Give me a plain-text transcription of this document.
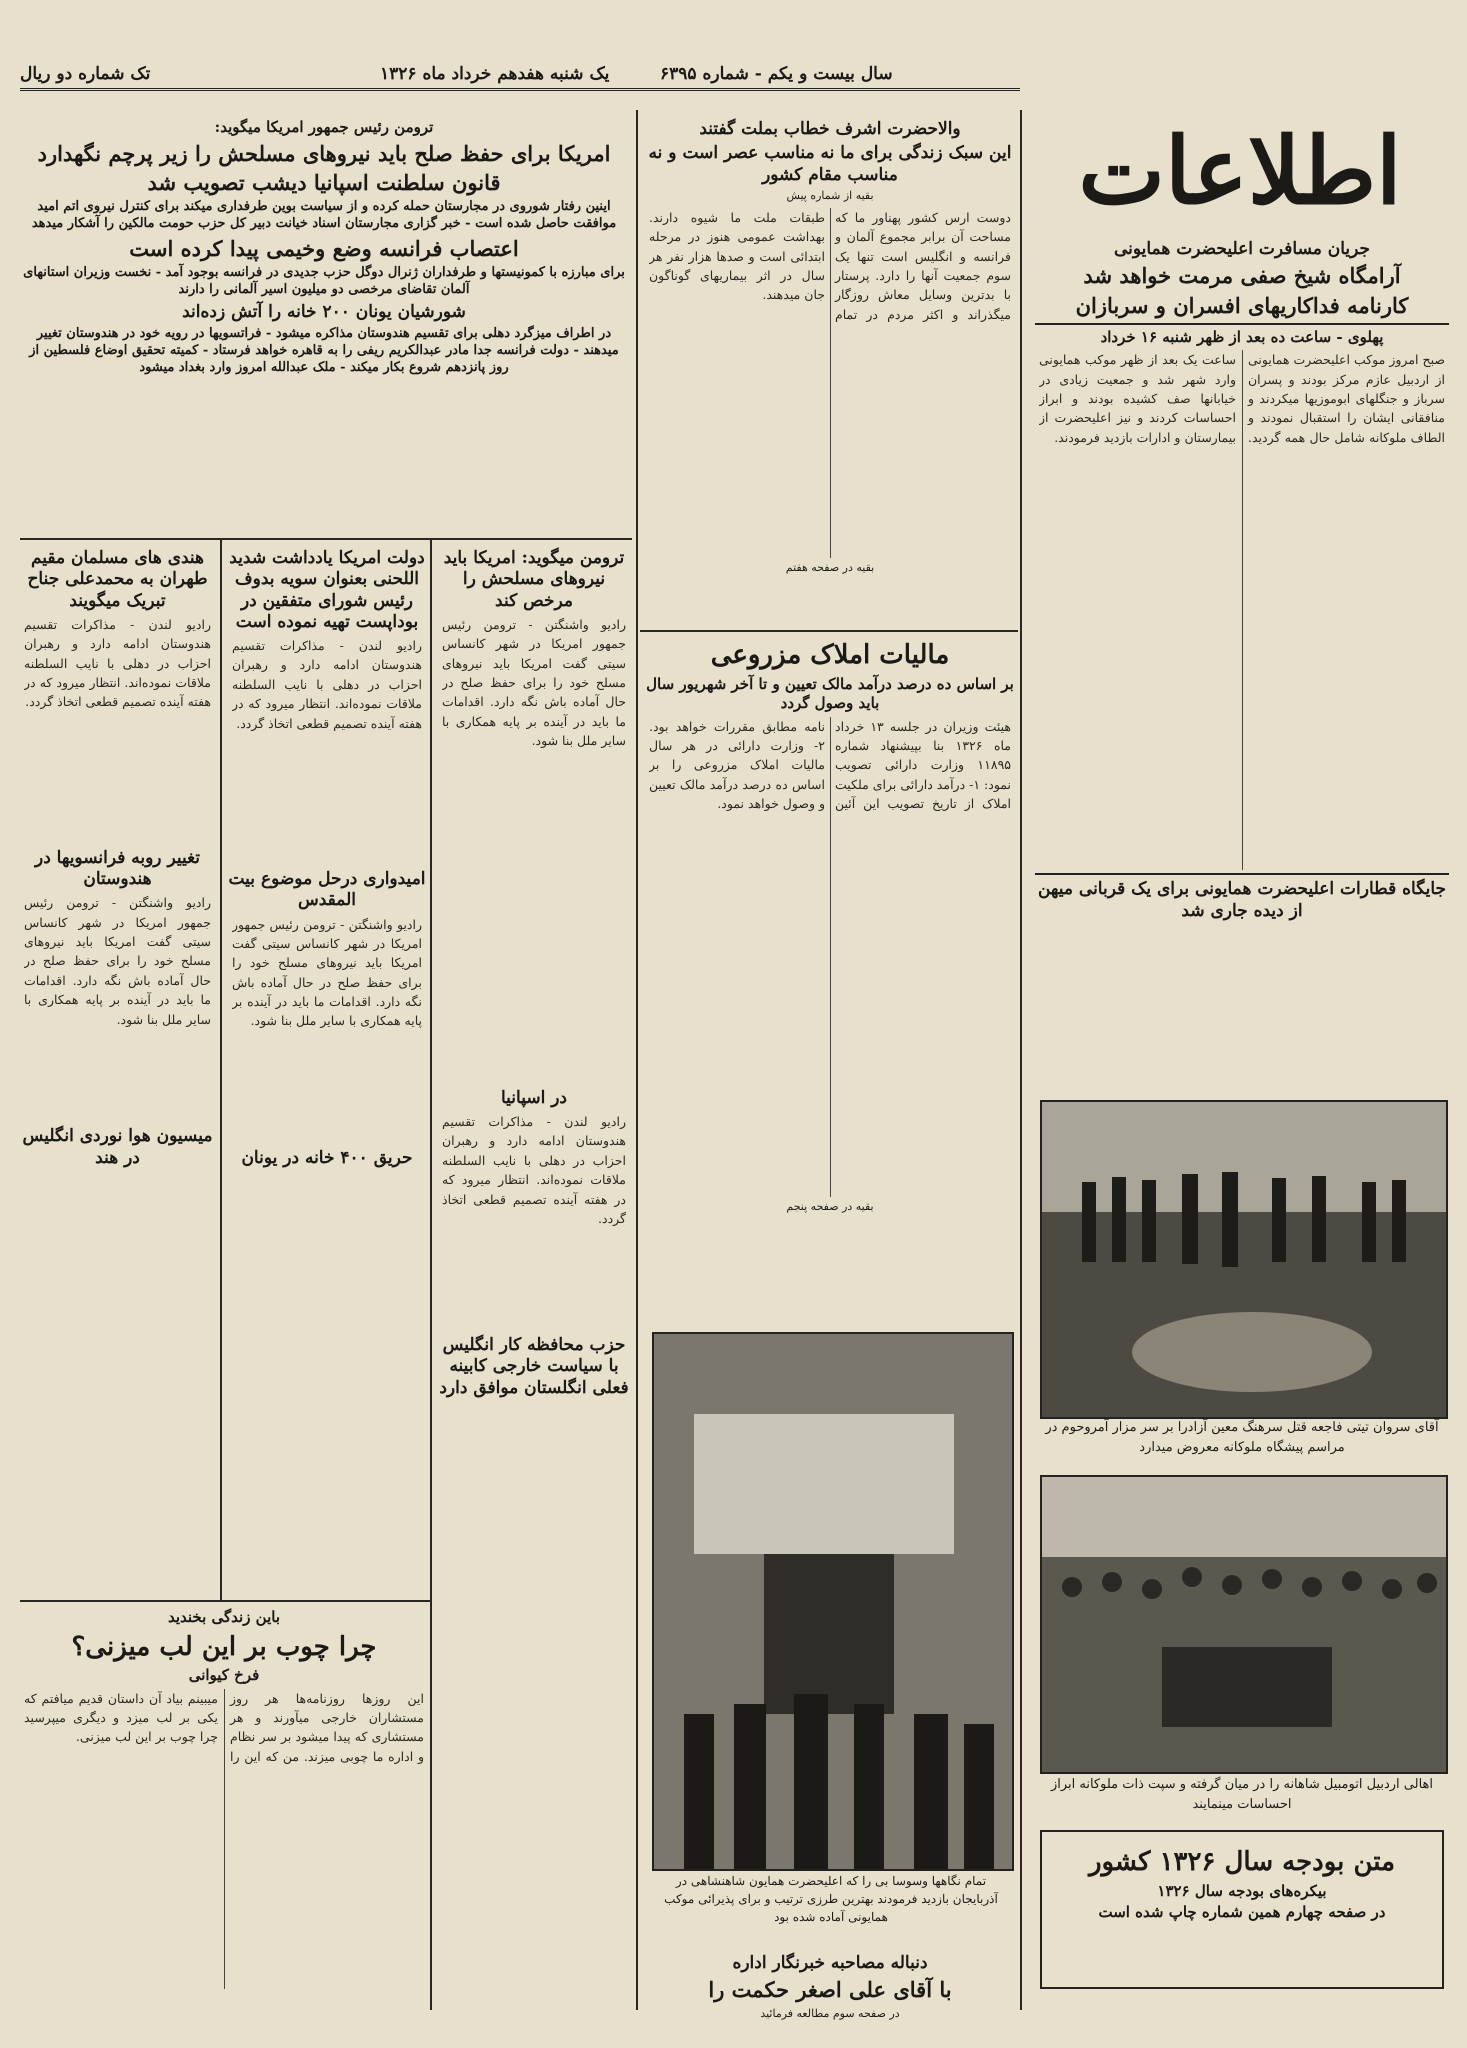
تک شماره دو ریال	یک شنبه هفدهم خرداد ماه ۱۳۲۶	سال بیست و یکم - شماره ۶۳۹۵
اطلاعات
جریان مسافرت اعلیحضرت همایونی
آرامگاه شیخ صفی مرمت خواهد شد
کارنامه فداکاریهای افسران و سربازان
پهلوی - ساعت ده بعد از ظهر شنبه ۱۶ خرداد
صبح امروز موکب اعلیحضرت همایونی از اردبیل عازم مرکز بودند و پسران سرباز و جنگلهای ابوموزیها میکردند و منافقانی ایشان را استقبال نمودند و الطاف ملوکانه شامل حال همه گردید. ساعت یک بعد از ظهر موکب همایونی وارد شهر شد و جمعیت زیادی در خیابانها صف کشیده بودند و ابراز احساسات کردند و نیز اعلیحضرت از بیمارستان و ادارات بازدید فرمودند.
جایگاه قطارات اعلیحضرت همایونی برای یک قربانی میهن از دیده جاری شد
آقای سروان تیتی فاجعه قتل سرهنگ معین آزادرا بر سر مزار آمروحوم در مراسم پیشگاه ملوکانه معروض میدارد
اهالی اردبیل اتومبیل شاهانه را در میان گرفته و سپت ذات ملوکانه ابراز احساسات مینمایند
متن بودجه سال ۱۳۲۶ کشور
بیکره‌های بودجه سال ۱۳۲۶
در صفحه چهارم همین شماره چاپ شده است
والاحضرت اشرف خطاب بملت گفتند
این سبک زندگی برای ما نه مناسب عصر است و نه مناسب مقام کشور
بقیه از شماره پیش
دوست ارس کشور پهناور ما که مساحت آن برابر مجموع آلمان و فرانسه و انگلیس است تنها یک سوم جمعیت آنها را دارد. پرستار با بدترین وسایل معاش روزگار میگذراند و اکثر مردم در تمام طبقات ملت ما شیوه دارند. بهداشت عمومی هنوز در مرحله ابتدائی است و صدها هزار نفر هر سال در اثر بیماریهای گوناگون جان میدهند.
بقیه در صفحه هفتم
مالیات املاک مزروعی
بر اساس ده درصد درآمد مالک تعیین و تا آخر شهریور سال باید وصول گردد
هیئت وزیران در جلسه ۱۳ خرداد ماه ۱۳۲۶ بنا بپیشنهاد شماره ۱۱۸۹۵ وزارت دارائی تصویب نمود: ۱- درآمد دارائی برای ملکیت املاک از تاریخ تصویب این آئین نامه مطابق مقررات خواهد بود. ۲- وزارت دارائی در هر سال مالیات املاک مزروعی را بر اساس ده درصد درآمد مالک تعیین و وصول خواهد نمود.
بقیه در صفحه پنجم
تمام نگاهها وسوسا بی را که اعلیحضرت همایون شاهنشاهی در آذربایجان بازدید فرمودند بهترین طرزی ترتیب و برای پذیرائی موکب همایونی آماده شده بود
دنباله مصاحبه خبرنگار اداره
با آقای علی اصغر حکمت را
در صفحه سوم مطالعه فرمائید
ترومن رئیس جمهور امریکا میگوید:
امریکا برای حفظ صلح باید نیروهای مسلحش را زیر پرچم نگهدارد
قانون سلطنت اسپانیا دیشب تصویب شد
اینین رفتار شوروی در مجارستان حمله کرده و از سیاست بوین طرفداری میکند برای کنترل نیروی اتم امید موافقت حاصل شده است - خبر گزاری مجارستان اسناد خیانت دبیر کل حزب حومت مالکین را آشکار میدهد
اعتصاب فرانسه وضع وخیمی پیدا کرده است
برای مبارزه با کمونیستها و طرفداران ژنرال دوگل حزب جدیدی در فرانسه بوجود آمد - نخست وزیران استانهای آلمان تقاضای مرخصی دو میلیون اسیر آلمانی را دارند
شورشیان یونان ۲۰۰ خانه را آتش زده‌اند
در اطراف میزگرد دهلی برای تقسیم هندوستان مذاکره میشود - فراتسویها در رویه خود در هندوستان تغییر میدهند - دولت فرانسه جدا مادر عبدالکریم ریفی را به قاهره خواهد فرستاد - کمیته تحقیق اوضاع فلسطین از روز پانزدهم شروع بکار میکند - ملک عبدالله امروز وارد بغداد میشود
ترومن میگوید: امریکا باید نیروهای مسلحش را مرخص کند
رادیو واشنگتن - ترومن رئیس جمهور امریکا در شهر کانساس سیتی گفت امریکا باید نیروهای مسلح خود را برای حفظ صلح در حال آماده باش نگه دارد. اقدامات ما باید در آینده بر پایه همکاری با سایر ملل بنا شود.
در اسپانیا
رادیو لندن - مذاکرات تقسیم هندوستان ادامه دارد و رهبران احزاب در دهلی با نایب السلطنه ملاقات نموده‌اند. انتظار میرود که در هفته آینده تصمیم قطعی اتخاذ گردد.
حزب محافظه کار انگلیس با سیاست خارجی کابینه فعلی انگلستان موافق دارد
دولت امریکا یادداشت شدید اللحنی بعنوان سویه بدوف رئیس شورای متفقین در بوداپست تهیه نموده است
رادیو لندن - مذاکرات تقسیم هندوستان ادامه دارد و رهبران احزاب در دهلی با نایب السلطنه ملاقات نموده‌اند. انتظار میرود که در هفته آینده تصمیم قطعی اتخاذ گردد.
امیدواری درحل موضوع بیت المقدس
رادیو واشنگتن - ترومن رئیس جمهور امریکا در شهر کانساس سیتی گفت امریکا باید نیروهای مسلح خود را برای حفظ صلح در حال آماده باش نگه دارد. اقدامات ما باید در آینده بر پایه همکاری با سایر ملل بنا شود.
حریق ۴۰۰ خانه در یونان
هندی های مسلمان مقیم طهران به محمدعلی جناح تبریک میگویند
رادیو لندن - مذاکرات تقسیم هندوستان ادامه دارد و رهبران احزاب در دهلی با نایب السلطنه ملاقات نموده‌اند. انتظار میرود که در هفته آینده تصمیم قطعی اتخاذ گردد.
تغییر روبه فرانسویها در هندوستان
رادیو واشنگتن - ترومن رئیس جمهور امریکا در شهر کانساس سیتی گفت امریکا باید نیروهای مسلح خود را برای حفظ صلح در حال آماده باش نگه دارد. اقدامات ما باید در آینده بر پایه همکاری با سایر ملل بنا شود.
میسیون هوا نوردی انگلیس در هند
باین زندگی بخندید
چرا چوب بر این لب میزنی؟
فرخ کیوانی
این روزها روزنامه‌ها هر روز مستشاران خارجی میآورند و هر مستشاری که پیدا میشود بر سر نظام و اداره ما چوبی میزند. من که این را میبینم بیاد آن داستان قدیم میافتم که یکی بر لب میزد و دیگری میپرسید چرا چوب بر این لب میزنی.
